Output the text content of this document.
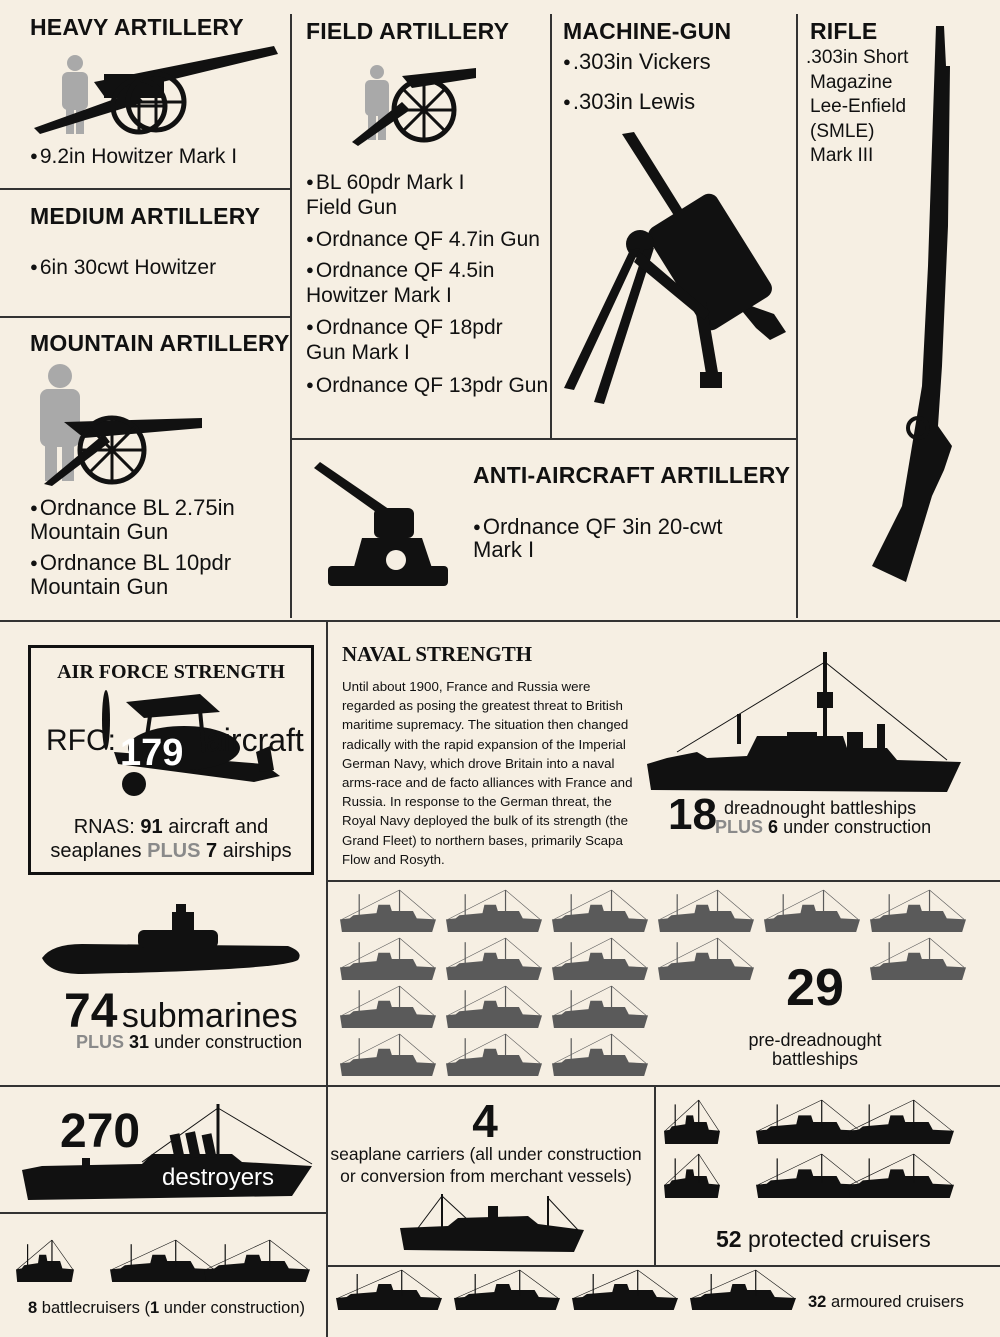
HEAVY ARTILLERY
● 9.2in Howitzer Mark I
MEDIUM ARTILLERY
● 6in 30cwt Howitzer
MOUNTAIN ARTILLERY
● Ordnance BL 2.75in
Mountain Gun
● Ordnance BL 10pdr
Mountain Gun
FIELD ARTILLERY
● BL 60pdr Mark I
Field Gun
● Ordnance QF 4.7in Gun
● Ordnance QF 4.5in
Howitzer Mark I
● Ordnance QF 18pdr
Gun Mark I
● Ordnance QF 13pdr Gun
MACHINE-GUN
● .303in Vickers
● .303in Lewis
RIFLE
.303in Short
Magazine
Lee-Enfield
(SMLE)
Mark III
ANTI-AIRCRAFT ARTILLERY
● Ordnance QF 3in 20-cwt
Mark I
AIR FORCE STRENGTH
RFC: 179 aircraft
RNAS: 91 aircraft and
seaplanes PLUS 7 airships
NAVAL STRENGTH
Until about 1900, France and Russia were regarded as posing the greatest threat to British maritime supremacy. The situation then changed radically with the rapid expansion of the Imperial German Navy, which drove Britain into a naval arms-race and de facto alliances with France and Russia. In response to the German threat, the Royal Navy deployed the bulk of its strength (the Grand Fleet) to northern bases, primarily Scapa Flow and Rosyth.
18 dreadnought battleships
PLUS 6 under construction
74 submarines
PLUS 31 under construction
29
pre-dreadnought
battleships
270
destroyers
4
seaplane carriers (all under construction
or conversion from merchant vessels)
52 protected cruisers
8 battlecruisers (1 under construction)	32 armoured cruisers
